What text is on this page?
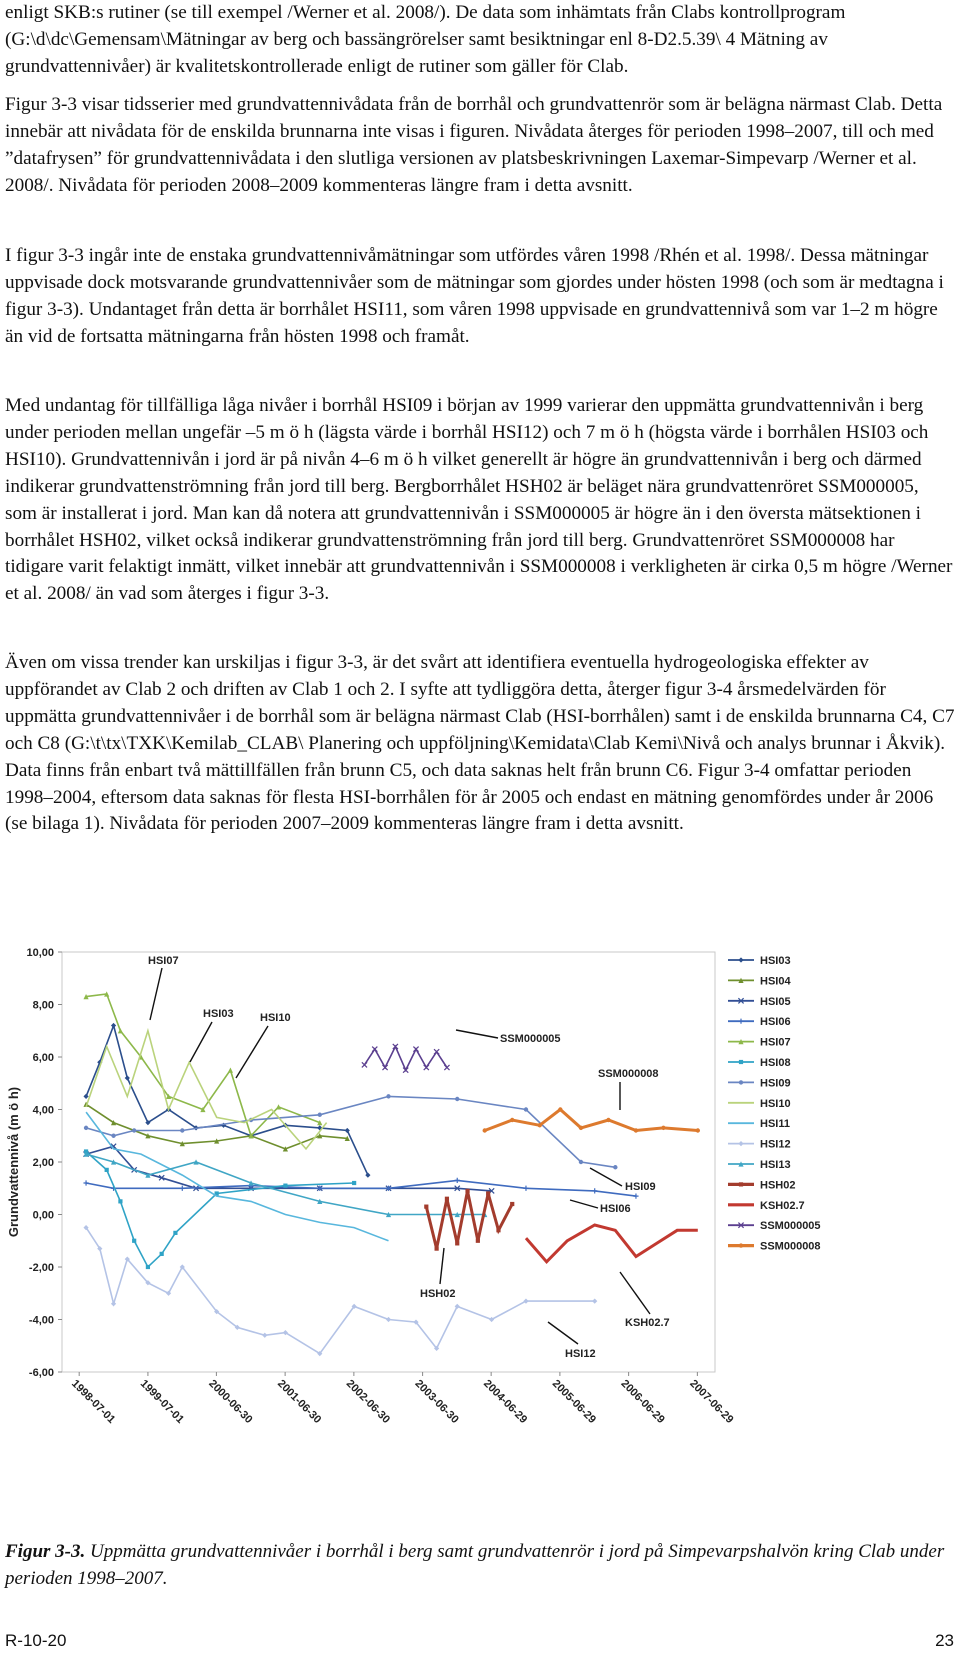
enligt SKB:s rutiner (se till exempel /Werner et al. 2008/). De data som inhämtats från Clabs kontrollprogram (G:\d\dc\Gemensam\Mätningar av berg och bassängrörelser samt besiktningar enl 8-D2.5.39\ 4 Mätning av grundvattennivåer) är kvalitetskontrollerade enligt de rutiner som gäller för Clab.

Figur 3-3 visar tidsserier med grundvattennivådata från de borrhål och grundvattenrör som är belägna närmast Clab. Detta innebär att nivådata för de enskilda brunnarna inte visas i figuren. Nivådata återges för perioden 1998–2007, till och med ”datafrysen” för grundvattennivådata i den slutliga versionen av platsbeskrivningen Laxemar-Simpevarp /Werner et al. 2008/. Nivådata för perioden 2008–2009 kommenteras längre fram i detta avsnitt.

I figur 3-3 ingår inte de enstaka grundvattennivåmätningar som utfördes våren 1998 /Rhén et al. 1998/. Dessa mätningar uppvisade dock motsvarande grundvattennivåer som de mätningar som gjordes under hösten 1998 (och som är medtagna i figur 3-3). Undantaget från detta är borrhålet HSI11, som våren 1998 uppvisade en grundvattennivå som var 1–2 m högre än vid de fortsatta mätningarna från hösten 1998 och framåt.

Med undantag för tillfälliga låga nivåer i borrhål HSI09 i början av 1999 varierar den uppmätta grundvattennivån i berg under perioden mellan ungefär –5 m ö h (lägsta värde i borrhål HSI12) och 7 m ö h (högsta värde i borrhålen HSI03 och HSI10). Grundvattennivån i jord är på nivån 4–6 m ö h vilket generellt är högre än grundvattennivån i berg och därmed indikerar grundvattenströmning från jord till berg. Bergborrhålet HSH02 är beläget nära grundvattenröret SSM000005, som är installerat i jord. Man kan då notera att grundvattennivån i SSM000005 är högre än i den översta mätsektionen i borrhålet HSH02, vilket också indikerar grundvattenströmning från jord till berg. Grundvattenröret SSM000008 har tidigare varit felaktigt inmätt, vilket innebär att grundvattennivån i SSM000008 i verkligheten är cirka 0,5 m högre /Werner et al. 2008/ än vad som återges i figur 3-3.

Även om vissa trender kan urskiljas i figur 3-3, är det svårt att identifiera eventuella hydrogeologiska effekter av uppförandet av Clab 2 och driften av Clab 1 och 2. I syfte att tydliggöra detta, återger figur 3-4 årsmedelvärden för uppmätta grundvattennivåer i de borrhål som är belägna närmast Clab (HSI-borrhålen) samt i de enskilda brunnarna C4, C7 och C8 (G:\t\tx\TXK\Kemilab_CLAB\ Planering och uppföljning\Kemidata\Clab Kemi\Nivå och analys brunnar i Åkvik). Data finns från enbart två mättillfällen från brunn C5, och data saknas helt från brunn C6. Figur 3-4 omfattar perioden 1998–2004, eftersom data saknas för flesta HSI-borrhålen för år 2005 och endast en mätning genomfördes under år 2006 (se bilaga 1). Nivådata för perioden 2007–2009 kommenteras längre fram i detta avsnitt.

-6,00
-4,00
-2,00
0,00
2,00
4,00
6,00
8,00
10,00
Grundvattennivå (m ö h)
1998-07-01 1999-07-01 2000-06-30 2001-06-30 2002-06-30 2003-06-30 2004-06-29 2005-06-29 2006-06-29 2007-06-29
HSI03
HSI04
HSI05
HSI06
HSI07
HSI08
HSI09
HSI10
HSI11
HSI12
HSI13
HSH02
KSH02.7
SSM000005
SSM000008
HSI07
HSI03 HSI10
SSM000005
SSM000008
HSI09
HSI06
HSH02
KSH02.7
HSI12
Figur 3-3. Uppmätta grundvattennivåer i borrhål i berg samt grundvattenrör i jord på Simpevarpshalvön kring Clab under perioden 1998–2007.
R-10-20	23
